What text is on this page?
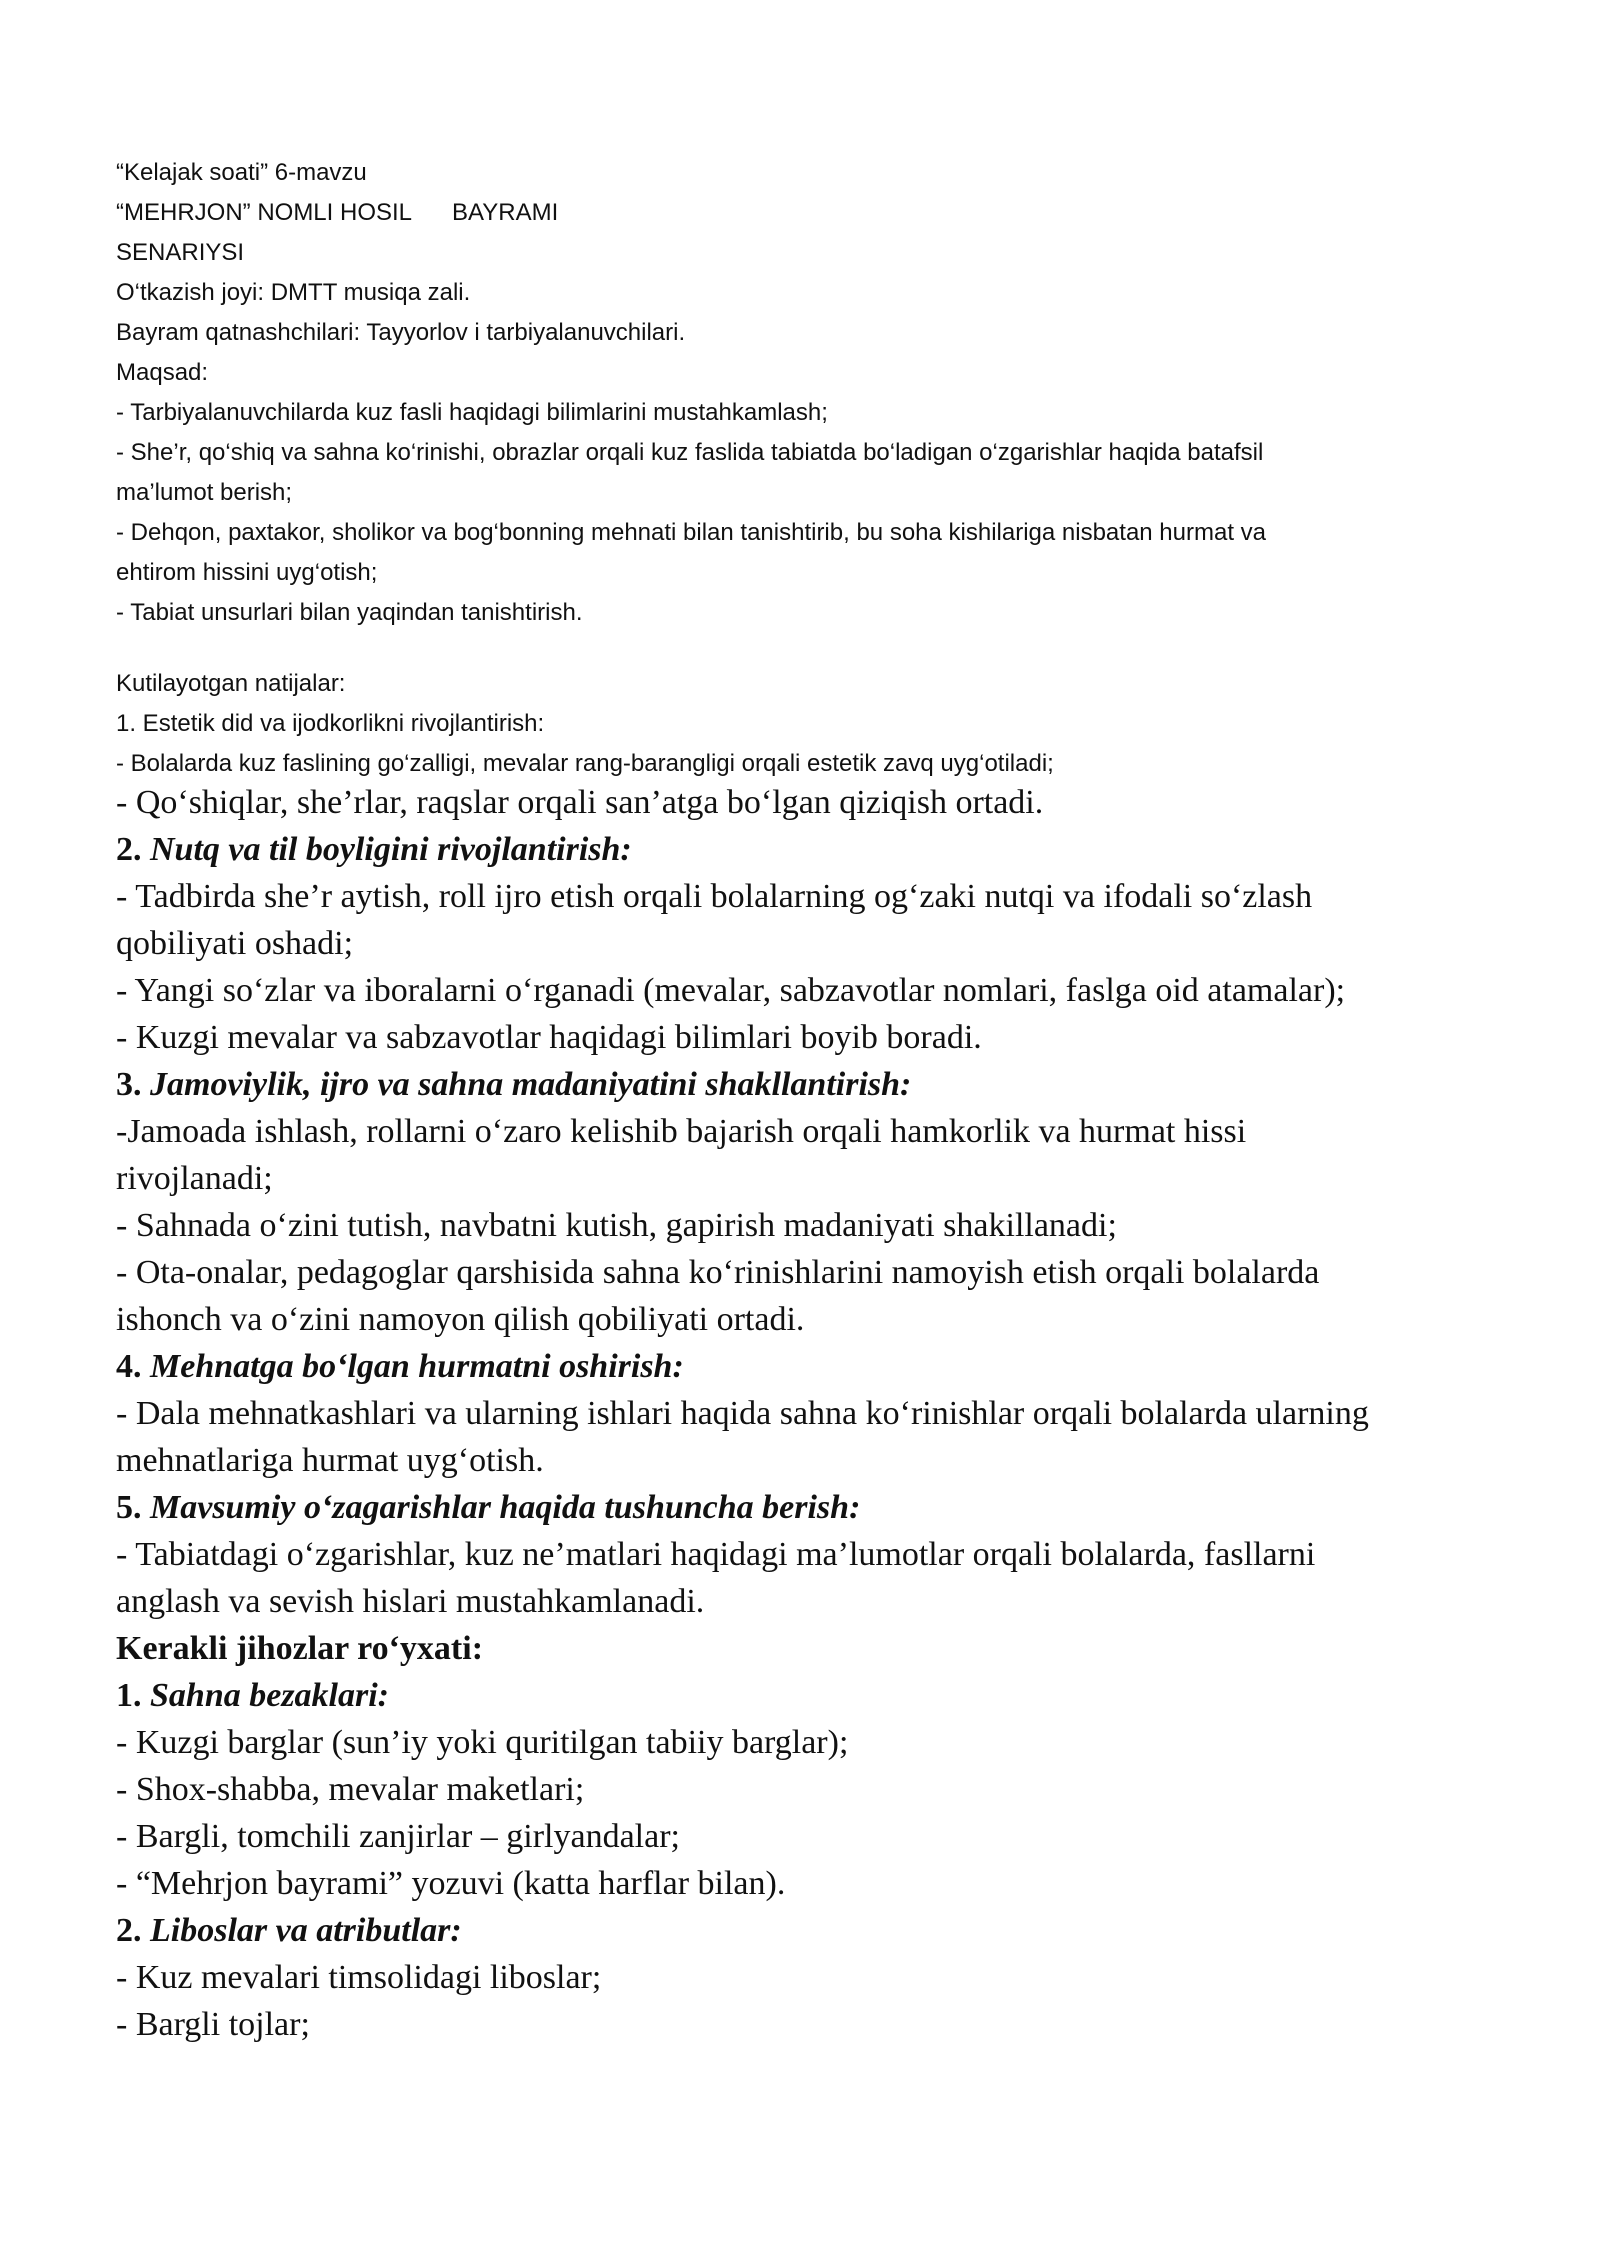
“Kelajak soati” 6-mavzu
“MEHRJON” NOMLI HOSIL BAYRAMI
SENARIYSI
O‘tkazish joyi: DMTT musiqa zali.
Bayram qatnashchilari: Tayyorlov i tarbiyalanuvchilari.
Maqsad:
- Tarbiyalanuvchilarda kuz fasli haqidagi bilimlarini mustahkamlash;
- She’r, qo‘shiq va sahna ko‘rinishi, obrazlar orqali kuz faslida tabiatda bo‘ladigan o‘zgarishlar haqida batafsil
ma’lumot berish;
- Dehqon, paxtakor, sholikor va bog‘bonning mehnati bilan tanishtirib, bu soha kishilariga nisbatan hurmat va
ehtirom hissini uyg‘otish;
- Tabiat unsurlari bilan yaqindan tanishtirish.
Kutilayotgan natijalar:
1. Estetik did va ijodkorlikni rivojlantirish:
- Bolalarda kuz faslining go‘zalligi, mevalar rang-barangligi orqali estetik zavq uyg‘otiladi;
- Qo‘shiqlar, she’rlar, raqslar orqali san’atga bo‘lgan qiziqish ortadi.
2. Nutq va til boyligini rivojlantirish:
- Tadbirda she’r aytish, roll ijro etish orqali bolalarning og‘zaki nutqi va ifodali so‘zlash
qobiliyati oshadi;
- Yangi so‘zlar va iboralarni o‘rganadi (mevalar, sabzavotlar nomlari, faslga oid atamalar);
- Kuzgi mevalar va sabzavotlar haqidagi bilimlari boyib boradi.
3. Jamoviylik, ijro va sahna madaniyatini shakllantirish:
-Jamoada ishlash, rollarni o‘zaro kelishib bajarish orqali hamkorlik va hurmat hissi
rivojlanadi;
- Sahnada o‘zini tutish, navbatni kutish, gapirish madaniyati shakillanadi;
- Ota-onalar, pedagoglar qarshisida sahna ko‘rinishlarini namoyish etish orqali bolalarda
ishonch va o‘zini namoyon qilish qobiliyati ortadi.
4. Mehnatga bo‘lgan hurmatni oshirish:
- Dala mehnatkashlari va ularning ishlari haqida sahna ko‘rinishlar orqali bolalarda ularning
mehnatlariga hurmat uyg‘otish.
5. Mavsumiy o‘zagarishlar haqida tushuncha berish:
- Tabiatdagi o‘zgarishlar, kuz ne’matlari haqidagi ma’lumotlar orqali bolalarda, fasllarni
anglash va sevish hislari mustahkamlanadi.
Kerakli jihozlar ro‘yxati:
1. Sahna bezaklari:
- Kuzgi barglar (sun’iy yoki quritilgan tabiiy barglar);
- Shox-shabba, mevalar maketlari;
- Bargli, tomchili zanjirlar – girlyandalar;
- “Mehrjon bayrami” yozuvi (katta harflar bilan).
2. Liboslar va atributlar:
- Kuz mevalari timsolidagi liboslar;
- Bargli tojlar;
